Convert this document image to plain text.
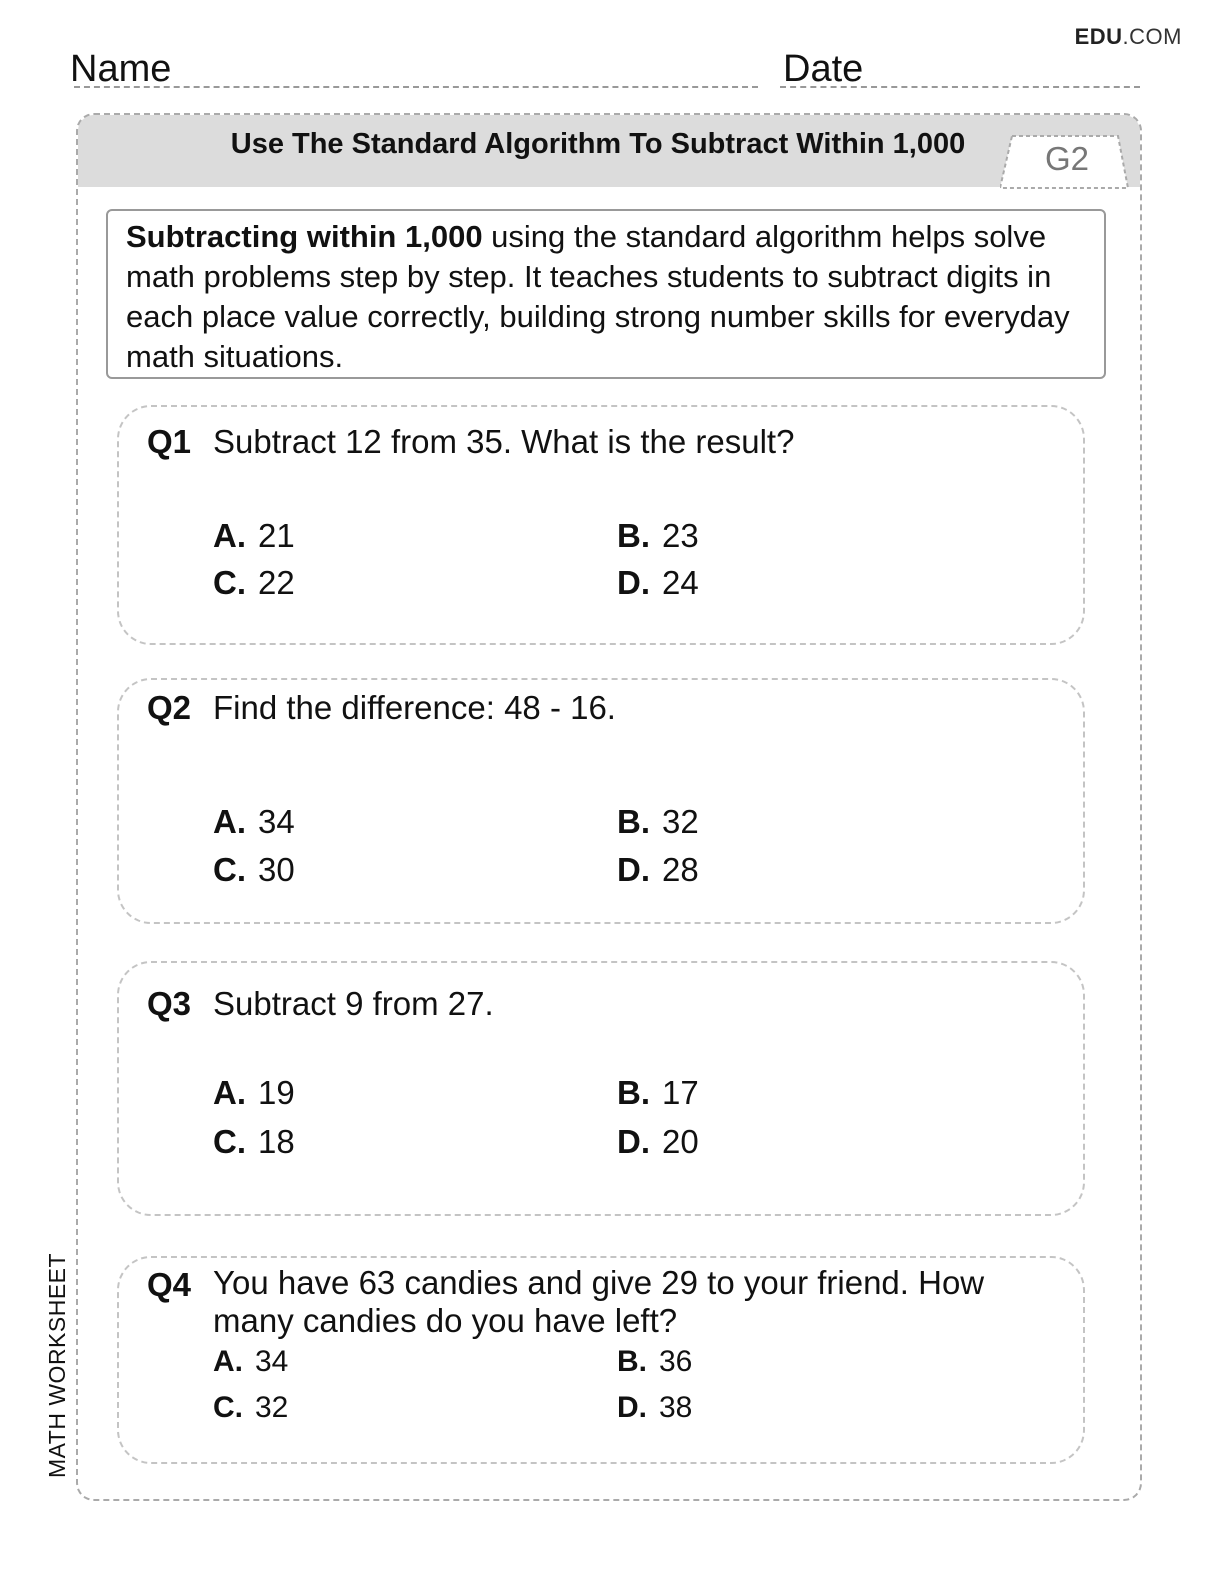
EDU.COM
Name	Date
Use The Standard Algorithm To Subtract Within 1,000	G2
Subtracting within 1,000 using the standard algorithm helps solve math problems step by step. It teaches students to subtract digits in each place value correctly, building strong number skills for everyday math situations.
Q1 Subtract 12 from 35. What is the result?
A. 21	B. 23
C. 22	D. 24
Q2 Find the difference: 48 - 16.
A. 34	B. 32
C. 30	D. 28
Q3 Subtract 9 from 27.
A. 19	B. 17
C. 18	D. 20
Q4 You have 63 candies and give 29 to your friend. How many candies do you have left?
A. 34	B. 36
C. 32	D. 38
MATH WORKSHEET
